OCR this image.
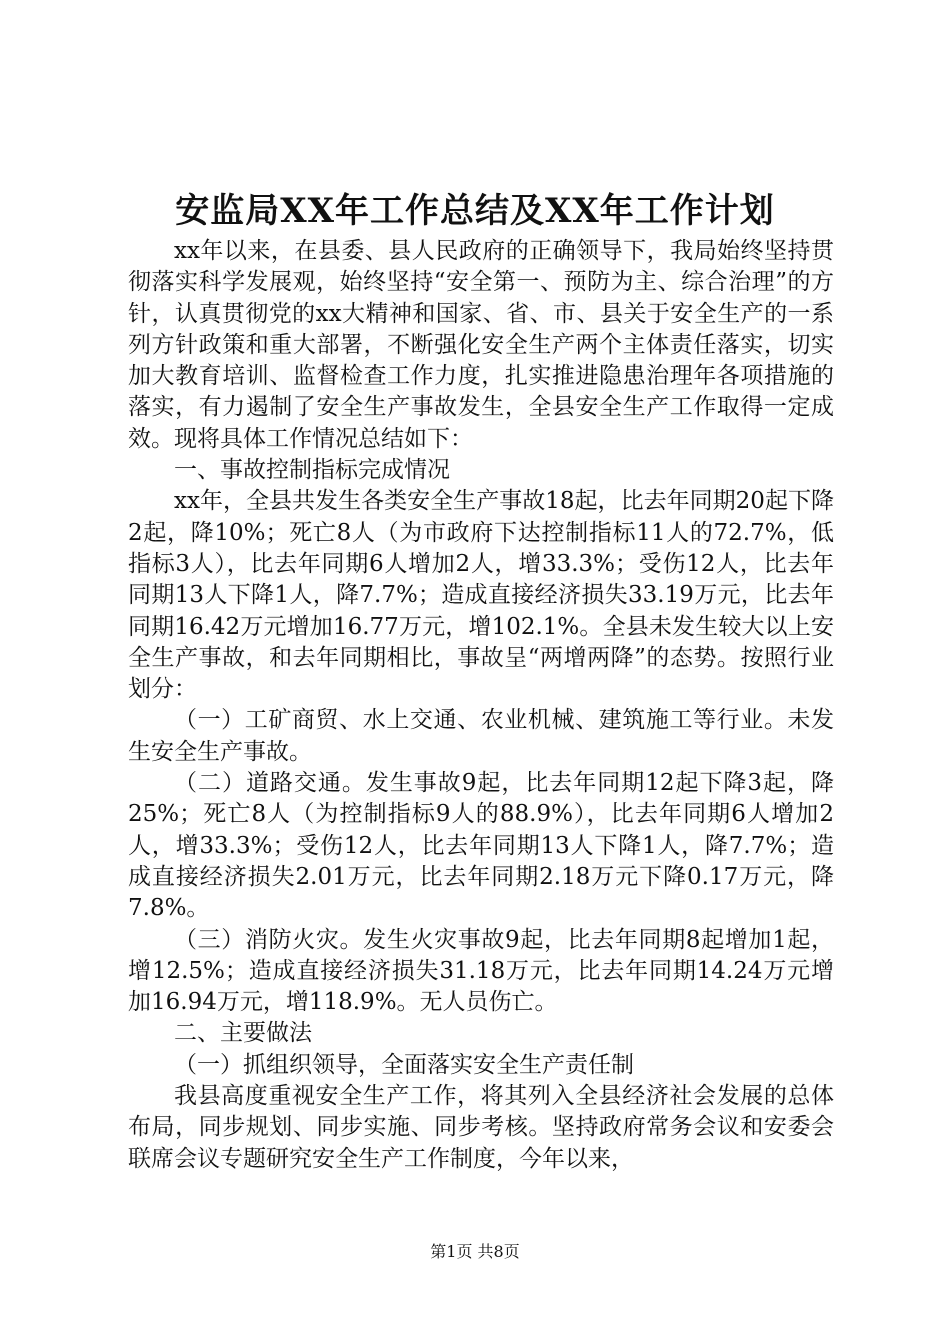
安监局XX年工作总结及XX年工作计划

xx年以来，在县委、县人民政府的正确领导下，我局始终坚持贯彻落实科学发展观，始终坚持“安全第一、预防为主、综合治理”的方针，认真贯彻党的xx大精神和国家、省、市、县关于安全生产的一系列方针政策和重大部署，不断强化安全生产两个主体责任落实，切实加大教育培训、监督检查工作力度，扎实推进隐患治理年各项措施的落实，有力遏制了安全生产事故发生，全县安全生产工作取得一定成效。现将具体工作情况总结如下：

一、事故控制指标完成情况

xx年，全县共发生各类安全生产事故18起，比去年同期20起下降2起，降10%；死亡8人（为市政府下达控制指标11人的72.7%，低指标3人），比去年同期6人增加2人，增33.3%；受伤12人，比去年同期13人下降1人，降7.7%；造成直接经济损失33.19万元，比去年同期16.42万元增加16.77万元，增102.1%。全县未发生较大以上安全生产事故，和去年同期相比，事故呈“两增两降”的态势。按照行业划分：

（一）工矿商贸、水上交通、农业机械、建筑施工等行业。未发生安全生产事故。

（二）道路交通。发生事故9起，比去年同期12起下降3起，降25%；死亡8人（为控制指标9人的88.9%），比去年同期6人增加2人，增33.3%；受伤12人，比去年同期13人下降1人，降7.7%；造成直接经济损失2.01万元，比去年同期2.18万元下降0.17万元，降7.8%。

（三）消防火灾。发生火灾事故9起，比去年同期8起增加1起，增12.5%；造成直接经济损失31.18万元，比去年同期14.24万元增加16.94万元，增118.9%。无人员伤亡。

二、主要做法

（一）抓组织领导，全面落实安全生产责任制

我县高度重视安全生产工作，将其列入全县经济社会发展的总体布局，同步规划、同步实施、同步考核。坚持政府常务会议和安委会联席会议专题研究安全生产工作制度，今年以来，

第1页 共8页
